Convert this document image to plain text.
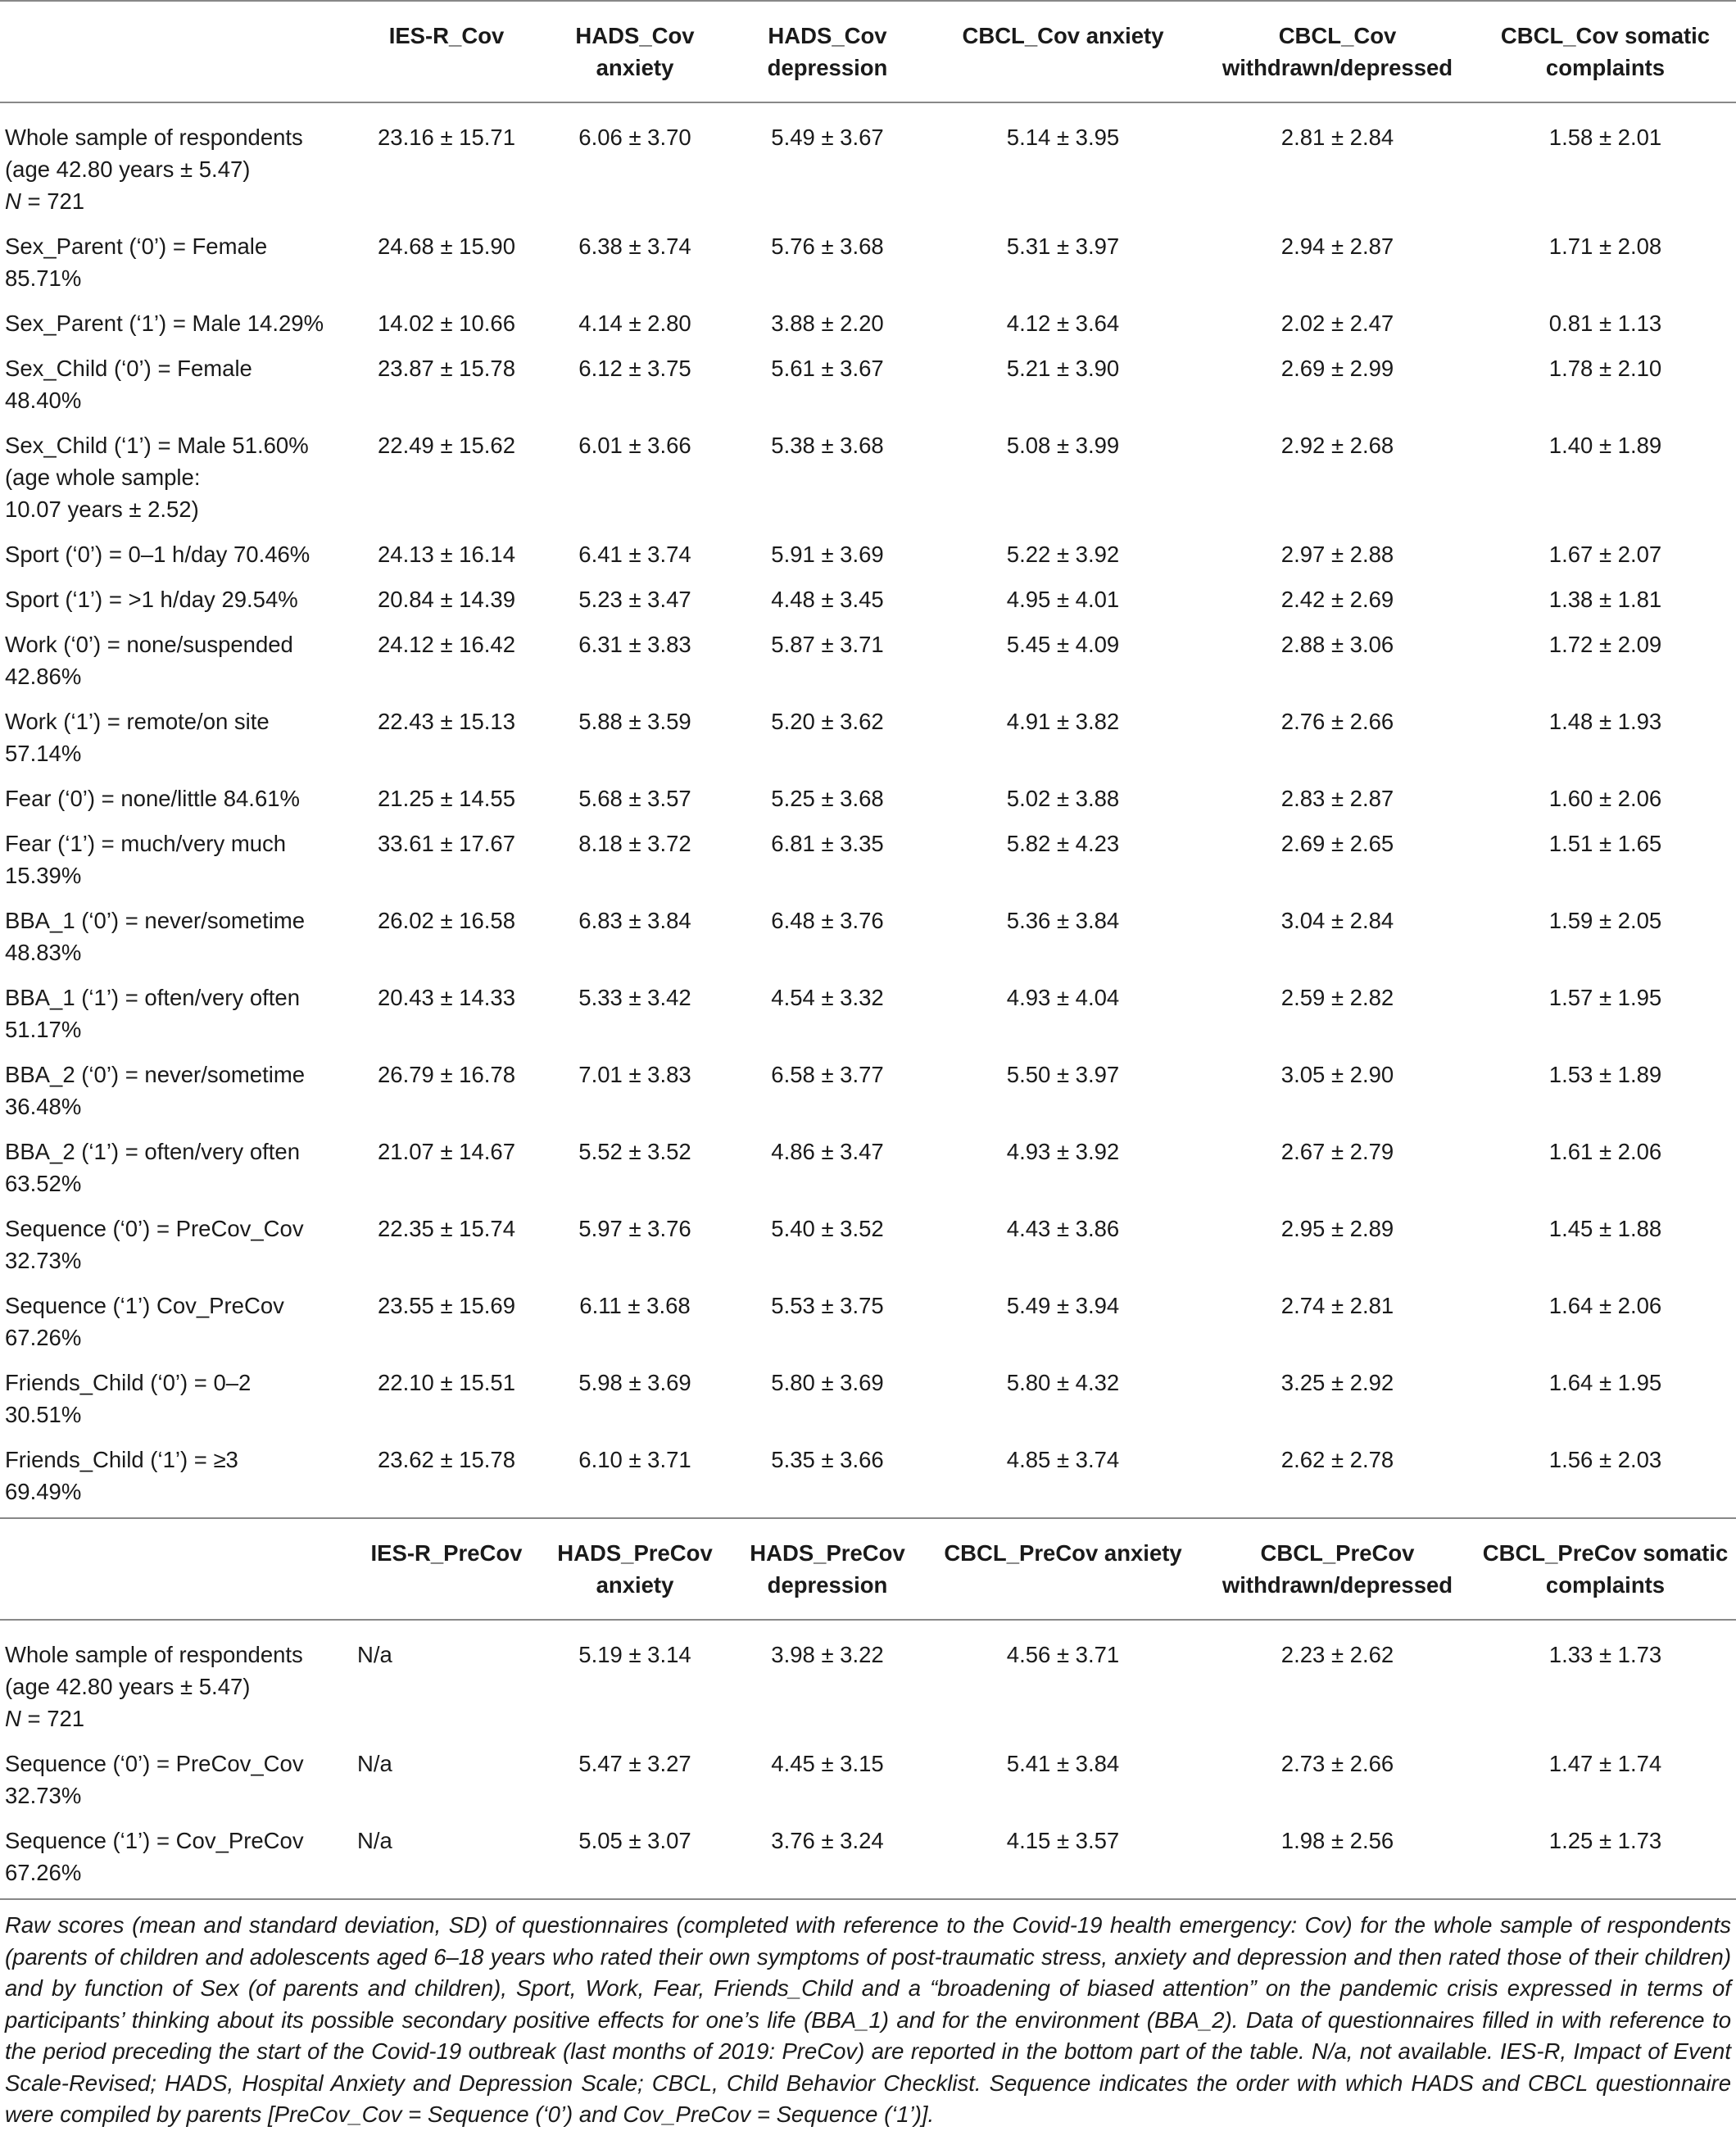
	IES-R_Cov	HADS_Cov anxiety	HADS_Cov depression	CBCL_Cov anxiety	CBCL_Cov withdrawn/depressed	CBCL_Cov somatic complaints

Whole sample of respondents
(age 42.80 years ± 5.47)
N = 721	23.16 ± 15.71	6.06 ± 3.70	5.49 ± 3.67	5.14 ± 3.95	2.81 ± 2.84	1.58 ± 2.01

Sex_Parent (‘0’) = Female
85.71%	24.68 ± 15.90	6.38 ± 3.74	5.76 ± 3.68	5.31 ± 3.97	2.94 ± 2.87	1.71 ± 2.08

Sex_Parent (‘1’) = Male 14.29%	14.02 ± 10.66	4.14 ± 2.80	3.88 ± 2.20	4.12 ± 3.64	2.02 ± 2.47	0.81 ± 1.13

Sex_Child (‘0’) = Female
48.40%	23.87 ± 15.78	6.12 ± 3.75	5.61 ± 3.67	5.21 ± 3.90	2.69 ± 2.99	1.78 ± 2.10

Sex_Child (‘1’) = Male 51.60%
(age whole sample:
10.07 years ± 2.52)	22.49 ± 15.62	6.01 ± 3.66	5.38 ± 3.68	5.08 ± 3.99	2.92 ± 2.68	1.40 ± 1.89

Sport (‘0’) = 0–1 h/day 70.46%	24.13 ± 16.14	6.41 ± 3.74	5.91 ± 3.69	5.22 ± 3.92	2.97 ± 2.88	1.67 ± 2.07

Sport (‘1’) = >1 h/day 29.54%	20.84 ± 14.39	5.23 ± 3.47	4.48 ± 3.45	4.95 ± 4.01	2.42 ± 2.69	1.38 ± 1.81

Work (‘0’) = none/suspended
42.86%	24.12 ± 16.42	6.31 ± 3.83	5.87 ± 3.71	5.45 ± 4.09	2.88 ± 3.06	1.72 ± 2.09

Work (‘1’) = remote/on site
57.14%	22.43 ± 15.13	5.88 ± 3.59	5.20 ± 3.62	4.91 ± 3.82	2.76 ± 2.66	1.48 ± 1.93

Fear (‘0’) = none/little 84.61%	21.25 ± 14.55	5.68 ± 3.57	5.25 ± 3.68	5.02 ± 3.88	2.83 ± 2.87	1.60 ± 2.06

Fear (‘1’) = much/very much
15.39%	33.61 ± 17.67	8.18 ± 3.72	6.81 ± 3.35	5.82 ± 4.23	2.69 ± 2.65	1.51 ± 1.65

BBA_1 (‘0’) = never/sometime
48.83%	26.02 ± 16.58	6.83 ± 3.84	6.48 ± 3.76	5.36 ± 3.84	3.04 ± 2.84	1.59 ± 2.05

BBA_1 (‘1’) = often/very often
51.17%	20.43 ± 14.33	5.33 ± 3.42	4.54 ± 3.32	4.93 ± 4.04	2.59 ± 2.82	1.57 ± 1.95

BBA_2 (‘0’) = never/sometime
36.48%	26.79 ± 16.78	7.01 ± 3.83	6.58 ± 3.77	5.50 ± 3.97	3.05 ± 2.90	1.53 ± 1.89

BBA_2 (‘1’) = often/very often
63.52%	21.07 ± 14.67	5.52 ± 3.52	4.86 ± 3.47	4.93 ± 3.92	2.67 ± 2.79	1.61 ± 2.06

Sequence (‘0’) = PreCov_Cov
32.73%	22.35 ± 15.74	5.97 ± 3.76	5.40 ± 3.52	4.43 ± 3.86	2.95 ± 2.89	1.45 ± 1.88

Sequence (‘1’) Cov_PreCov
67.26%	23.55 ± 15.69	6.11 ± 3.68	5.53 ± 3.75	5.49 ± 3.94	2.74 ± 2.81	1.64 ± 2.06

Friends_Child (‘0’) = 0–2
30.51%	22.10 ± 15.51	5.98 ± 3.69	5.80 ± 3.69	5.80 ± 4.32	3.25 ± 2.92	1.64 ± 1.95

Friends_Child (‘1’) = ≥3
69.49%	23.62 ± 15.78	6.10 ± 3.71	5.35 ± 3.66	4.85 ± 3.74	2.62 ± 2.78	1.56 ± 2.03
	IES-R_PreCov	HADS_PreCov anxiety	HADS_PreCov depression	CBCL_PreCov anxiety	CBCL_PreCov withdrawn/depressed	CBCL_PreCov somatic complaints

Whole sample of respondents
(age 42.80 years ± 5.47)
N = 721	N/a	5.19 ± 3.14	3.98 ± 3.22	4.56 ± 3.71	2.23 ± 2.62	1.33 ± 1.73

Sequence (‘0’) = PreCov_Cov
32.73%	N/a	5.47 ± 3.27	4.45 ± 3.15	5.41 ± 3.84	2.73 ± 2.66	1.47 ± 1.74

Sequence (‘1’) = Cov_PreCov
67.26%	N/a	5.05 ± 3.07	3.76 ± 3.24	4.15 ± 3.57	1.98 ± 2.56	1.25 ± 1.73
Raw scores (mean and standard deviation, SD) of questionnaires (completed with reference to the Covid-19 health emergency: Cov) for the whole sample of respondents (parents of children and adolescents aged 6–18 years who rated their own symptoms of post-traumatic stress, anxiety and depression and then rated those of their children) and by function of Sex (of parents and children), Sport, Work, Fear, Friends_Child and a “broadening of biased attention” on the pandemic crisis expressed in terms of participants’ thinking about its possible secondary positive effects for one’s life (BBA_1) and for the environment (BBA_2). Data of questionnaires filled in with reference to the period preceding the start of the Covid-19 outbreak (last months of 2019: PreCov) are reported in the bottom part of the table. N/a, not available. IES-R, Impact of Event Scale-Revised; HADS, Hospital Anxiety and Depression Scale; CBCL, Child Behavior Checklist. Sequence indicates the order with which HADS and CBCL questionnaire were compiled by parents [PreCov_Cov = Sequence (‘0’) and Cov_PreCov = Sequence (‘1’)].
